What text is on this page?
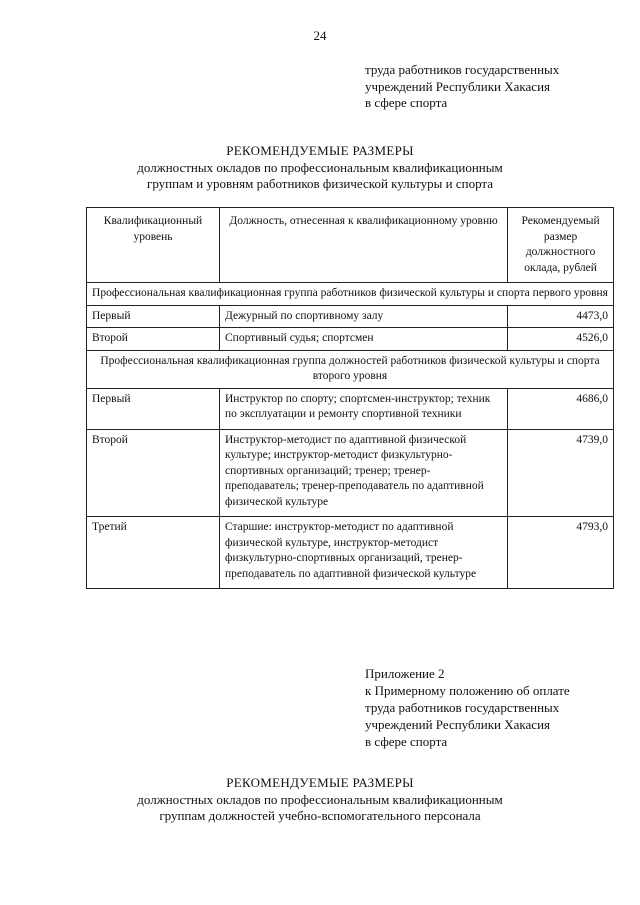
24
труда работников государственных
учреждений Республики Хакасия
в сфере спорта
РЕКОМЕНДУЕМЫЕ РАЗМЕРЫ
должностных окладов по профессиональным квалификационным
группам и уровням работников физической культуры и спорта
Квалификационный уровень	Должность, отнесенная к квалификационному уровню	Рекомендуемый размер должностного оклада, рублей
Профессиональная квалификационная группа работников физической культуры и спорта первого уровня		
Первый	Дежурный по спортивному залу	4473,0
Второй	Спортивный судья; спортсмен	4526,0
Профессиональная квалификационная группа должностей работников физической культуры и спорта второго уровня		
Первый	Инструктор по спорту; спортсмен-инструктор; техник по эксплуатации и ремонту спортивной техники	4686,0
Второй	Инструктор-методист по адаптивной физической культуре; инструктор-методист физкультурно-спортивных организаций; тренер; тренер-преподаватель; тренер-преподаватель по адаптивной физической культуре	4739,0
Третий	Старшие: инструктор-методист по адаптивной физической культуре, инструктор-методист физкультурно-спортивных организаций, тренер-преподаватель по адаптивной физической культуре	4793,0
Приложение 2
к Примерному положению об оплате
труда работников государственных
учреждений Республики Хакасия
в сфере спорта
РЕКОМЕНДУЕМЫЕ РАЗМЕРЫ
должностных окладов по профессиональным квалификационным
группам должностей учебно-вспомогательного персонала
